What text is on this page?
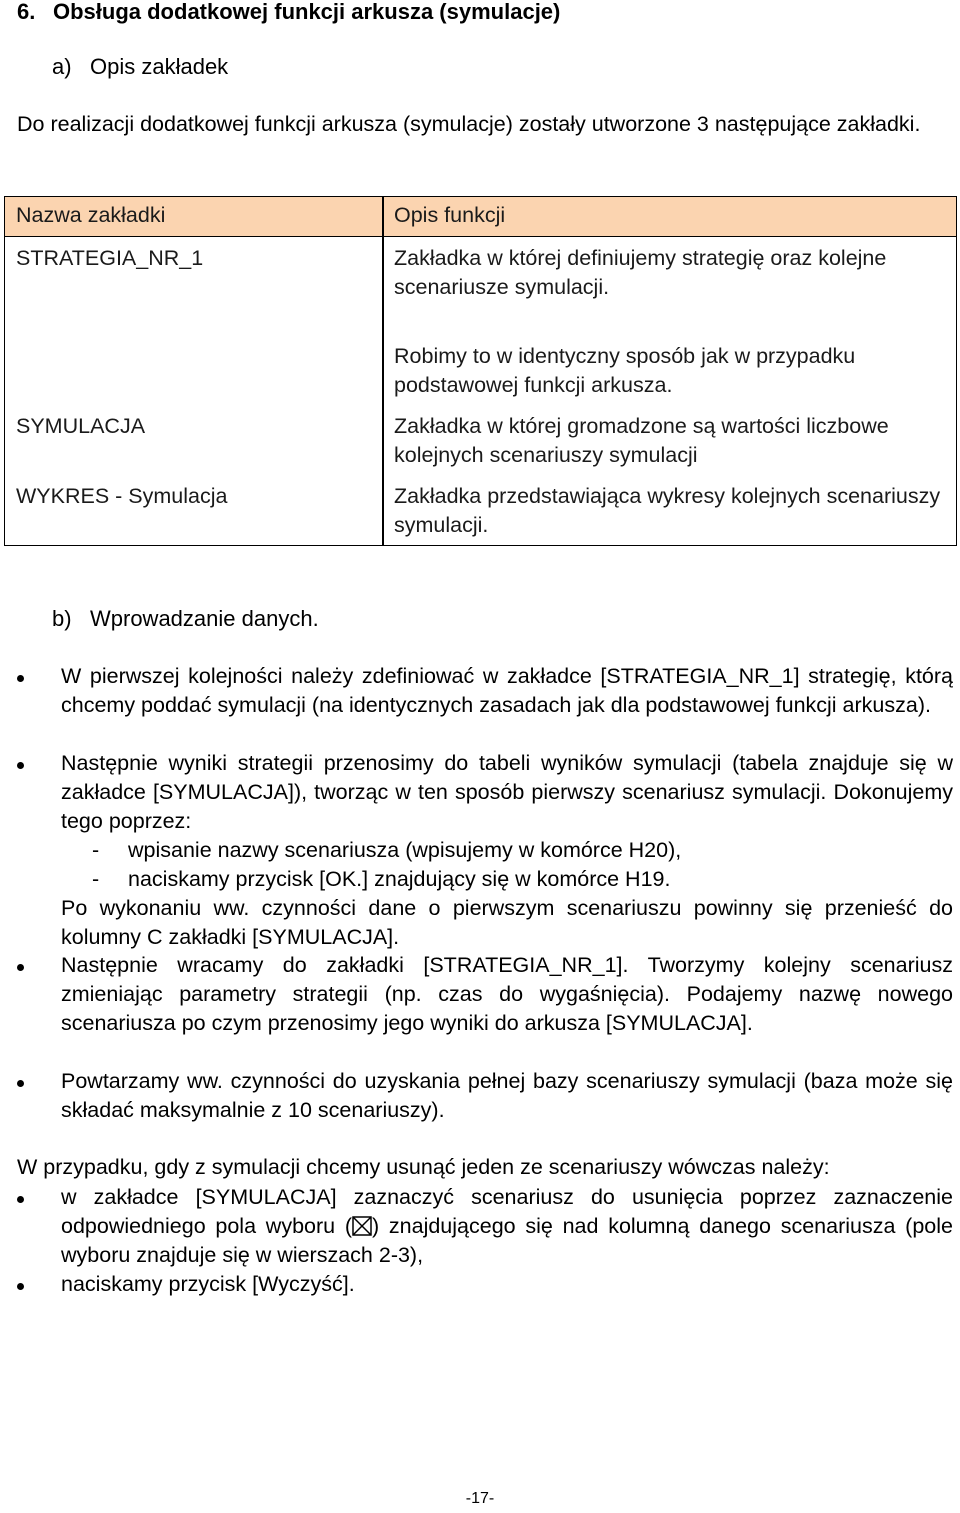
6. Obsługa dodatkowej funkcji arkusza (symulacje)
a) Opis zakładek
Do realizacji dodatkowej funkcji arkusza (symulacje) zostały utworzone 3 następujące zakładki.
Nazwa zakładki	Opis funkcji
STRATEGIA_NR_1	Zakładka w której definiujemy strategię oraz kolejne scenariusze symulacji.
Robimy to w identyczny sposób jak w przypadku podstawowej funkcji arkusza.
SYMULACJA	Zakładka w której gromadzone są wartości liczbowe kolejnych scenariuszy symulacji
WYKRES - Symulacja	Zakładka przedstawiająca wykresy kolejnych scenariuszy symulacji.
b) Wprowadzanie danych.
W pierwszej kolejności należy zdefiniować w zakładce [STRATEGIA_NR_1] strategię, którą chcemy poddać symulacji (na identycznych zasadach jak dla podstawowej funkcji arkusza).
Następnie wyniki strategii przenosimy do tabeli wyników symulacji (tabela znajduje się w zakładce [SYMULACJA]), tworząc w ten sposób pierwszy scenariusz symulacji. Dokonujemy tego poprzez:
- wpisanie nazwy scenariusza (wpisujemy w komórce H20),
- naciskamy przycisk [OK.] znajdujący się w komórce H19.
Po wykonaniu ww. czynności dane o pierwszym scenariuszu powinny się przenieść do kolumny C zakładki [SYMULACJA].
Następnie wracamy do zakładki [STRATEGIA_NR_1]. Tworzymy kolejny scenariusz zmieniając parametry strategii (np. czas do wygaśnięcia). Podajemy nazwę nowego scenariusza po czym przenosimy jego wyniki do arkusza [SYMULACJA].
Powtarzamy ww. czynności do uzyskania pełnej bazy scenariuszy symulacji (baza może się składać maksymalnie z 10 scenariuszy).
W przypadku, gdy z symulacji chcemy usunąć jeden ze scenariuszy wówczas należy:
w zakładce [SYMULACJA] zaznaczyć scenariusz do usunięcia poprzez zaznaczenie odpowiedniego pola wyboru ( ) znajdującego się nad kolumną danego scenariusza (pole wyboru znajduje się w wierszach 2-3),
naciskamy przycisk [Wyczyść].
-17-
